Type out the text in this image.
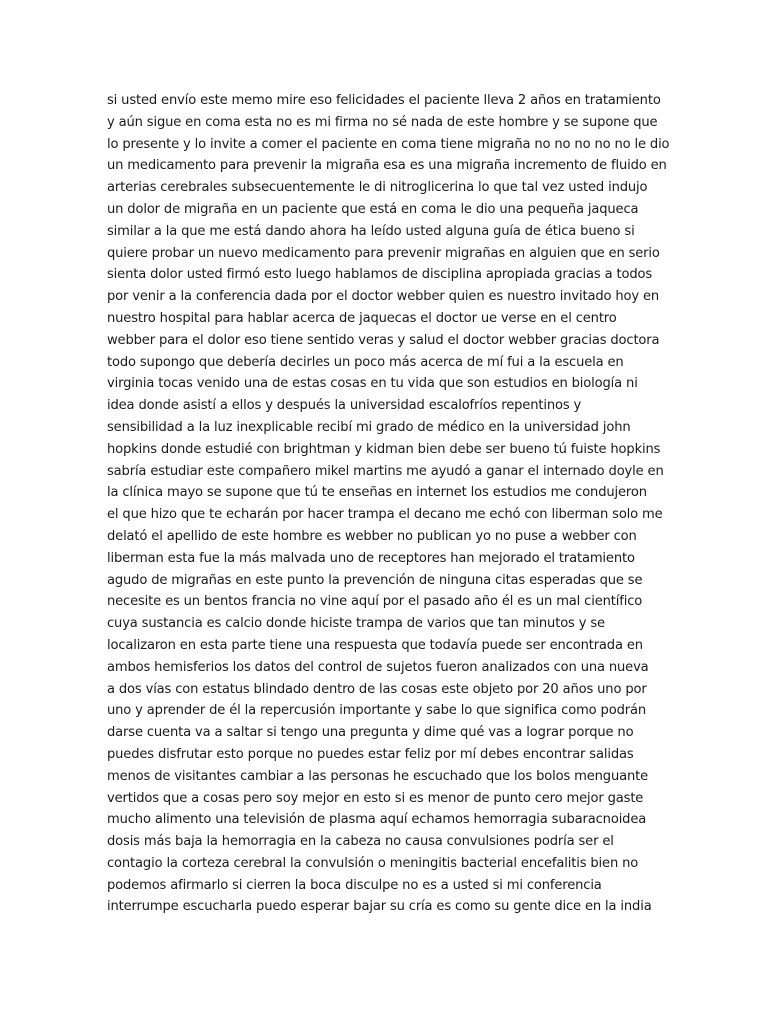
si usted envío este memo mire eso felicidades el paciente lleva 2 años en tratamiento
y aún sigue en coma esta no es mi firma no sé nada de este hombre y se supone que
lo presente y lo invite a comer el paciente en coma tiene migraña no no no no no le dio
un medicamento para prevenir la migraña esa es una migraña incremento de fluido en
arterias cerebrales subsecuentemente le di nitroglicerina lo que tal vez usted indujo
un dolor de migraña en un paciente que está en coma le dio una pequeña jaqueca
similar a la que me está dando ahora ha leído usted alguna guía de ética bueno si
quiere probar un nuevo medicamento para prevenir migrañas en alguien que en serio
sienta dolor usted firmó esto luego hablamos de disciplina apropiada gracias a todos
por venir a la conferencia dada por el doctor webber quien es nuestro invitado hoy en
nuestro hospital para hablar acerca de jaquecas el doctor ue verse en el centro
webber para el dolor eso tiene sentido veras y salud el doctor webber gracias doctora
todo supongo que debería decirles un poco más acerca de mí fui a la escuela en
virginia tocas venido una de estas cosas en tu vida que son estudios en biología ni
idea donde asistí a ellos y después la universidad escalofríos repentinos y
sensibilidad a la luz inexplicable recibí mi grado de médico en la universidad john
hopkins donde estudié con brightman y kidman bien debe ser bueno tú fuiste hopkins
sabría estudiar este compañero mikel martins me ayudó a ganar el internado doyle en
la clínica mayo se supone que tú te enseñas en internet los estudios me condujeron
el que hizo que te echarán por hacer trampa el decano me echó con liberman solo me
delató el apellido de este hombre es webber no publican yo no puse a webber con
liberman esta fue la más malvada uno de receptores han mejorado el tratamiento
agudo de migrañas en este punto la prevención de ninguna citas esperadas que se
necesite es un bentos francia no vine aquí por el pasado año él es un mal científico
cuya sustancia es calcio donde hiciste trampa de varios que tan minutos y se
localizaron en esta parte tiene una respuesta que todavía puede ser encontrada en
ambos hemisferios los datos del control de sujetos fueron analizados con una nueva
a dos vías con estatus blindado dentro de las cosas este objeto por 20 años uno por
uno y aprender de él la repercusión importante y sabe lo que significa como podrán
darse cuenta va a saltar si tengo una pregunta y dime qué vas a lograr porque no
puedes disfrutar esto porque no puedes estar feliz por mí debes encontrar salidas
menos de visitantes cambiar a las personas he escuchado que los bolos menguante
vertidos que a cosas pero soy mejor en esto si es menor de punto cero mejor gaste
mucho alimento una televisión de plasma aquí echamos hemorragia subaracnoidea
dosis más baja la hemorragia en la cabeza no causa convulsiones podría ser el
contagio la corteza cerebral la convulsión o meningitis bacterial encefalitis bien no
podemos afirmarlo si cierren la boca disculpe no es a usted si mi conferencia
interrumpe escucharla puedo esperar bajar su cría es como su gente dice en la india
